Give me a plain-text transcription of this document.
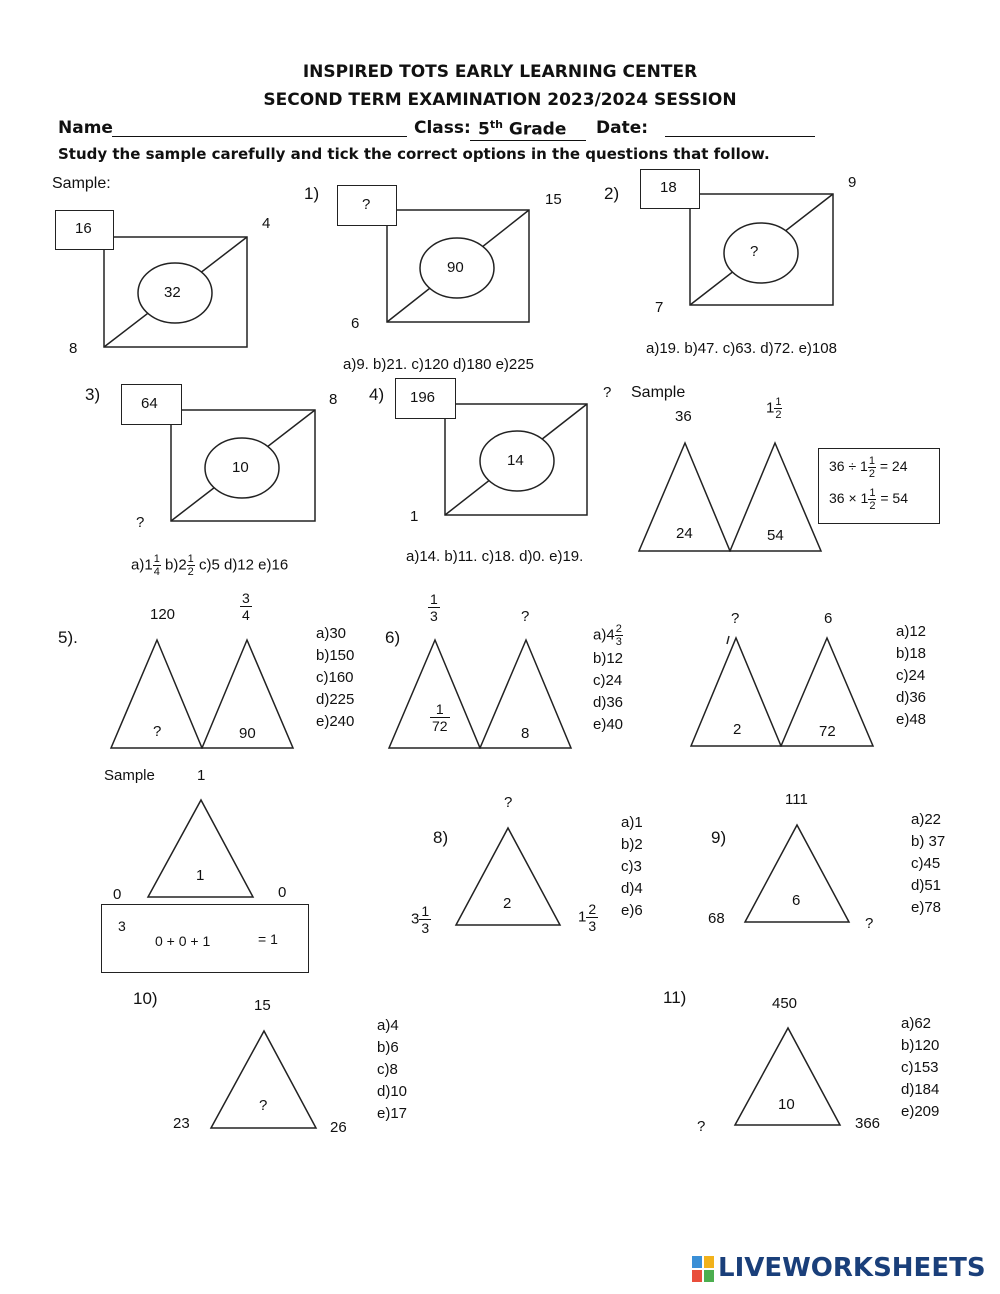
INSPIRED TOTS EARLY LEARNING CENTER
SECOND TERM EXAMINATION 2023/2024 SESSION
Name	Class: 5th Grade	Date:
Study the sample carefully and tick the correct options in the questions that follow.
Sample:
16	4
8
32
1)
?	15
6
90
a)9. b)21. c)120 d)180 e)225
2)	18	9
7
?
a)19. b)47. c)63. d)72. e)108
3)	64	8
?
10
$a)1 \frac{1}{4} b)2 \frac{1}{2} c)5$ d)12 e)16
4) 196	?
1
14
a)14. b)11. c)18. d)0. e)19.
Sample
36
$1 \frac{1}{2}$
24	54
$36 \div 1 \frac{1}{2} = 24$
$36 \times 1 \frac{1}{2} = 54$
5).
120	$\frac{3}{4}$
?	90
a)30
b)150
c)160
d)225
e)240
6)
$\frac{1}{3}$	?
$\frac{1}{72}$	8
$a)4 \frac{2}{3}$
b)12
c)24
d)36
e)40
?	6
2	72
a)12
b)18
c)24
d)36
e)48
Sample	1
0	0
1
3
0 + 0 + 1	= 1
8)
?
$3 \frac{1}{3}$	$1 \frac{2}{3}$
2
a)1
b)2
c)3
d)4
e)6
9)
111
68	?
6
a)22
b) 37
c)45
d)51
e)78
10)	15
23	26
?
a)4
b)6
c)8
d)10
e)17
11)	450
?	366
10
a)62
b)120
c)153
d)184
e)209
LIVEWORKSHEETS
